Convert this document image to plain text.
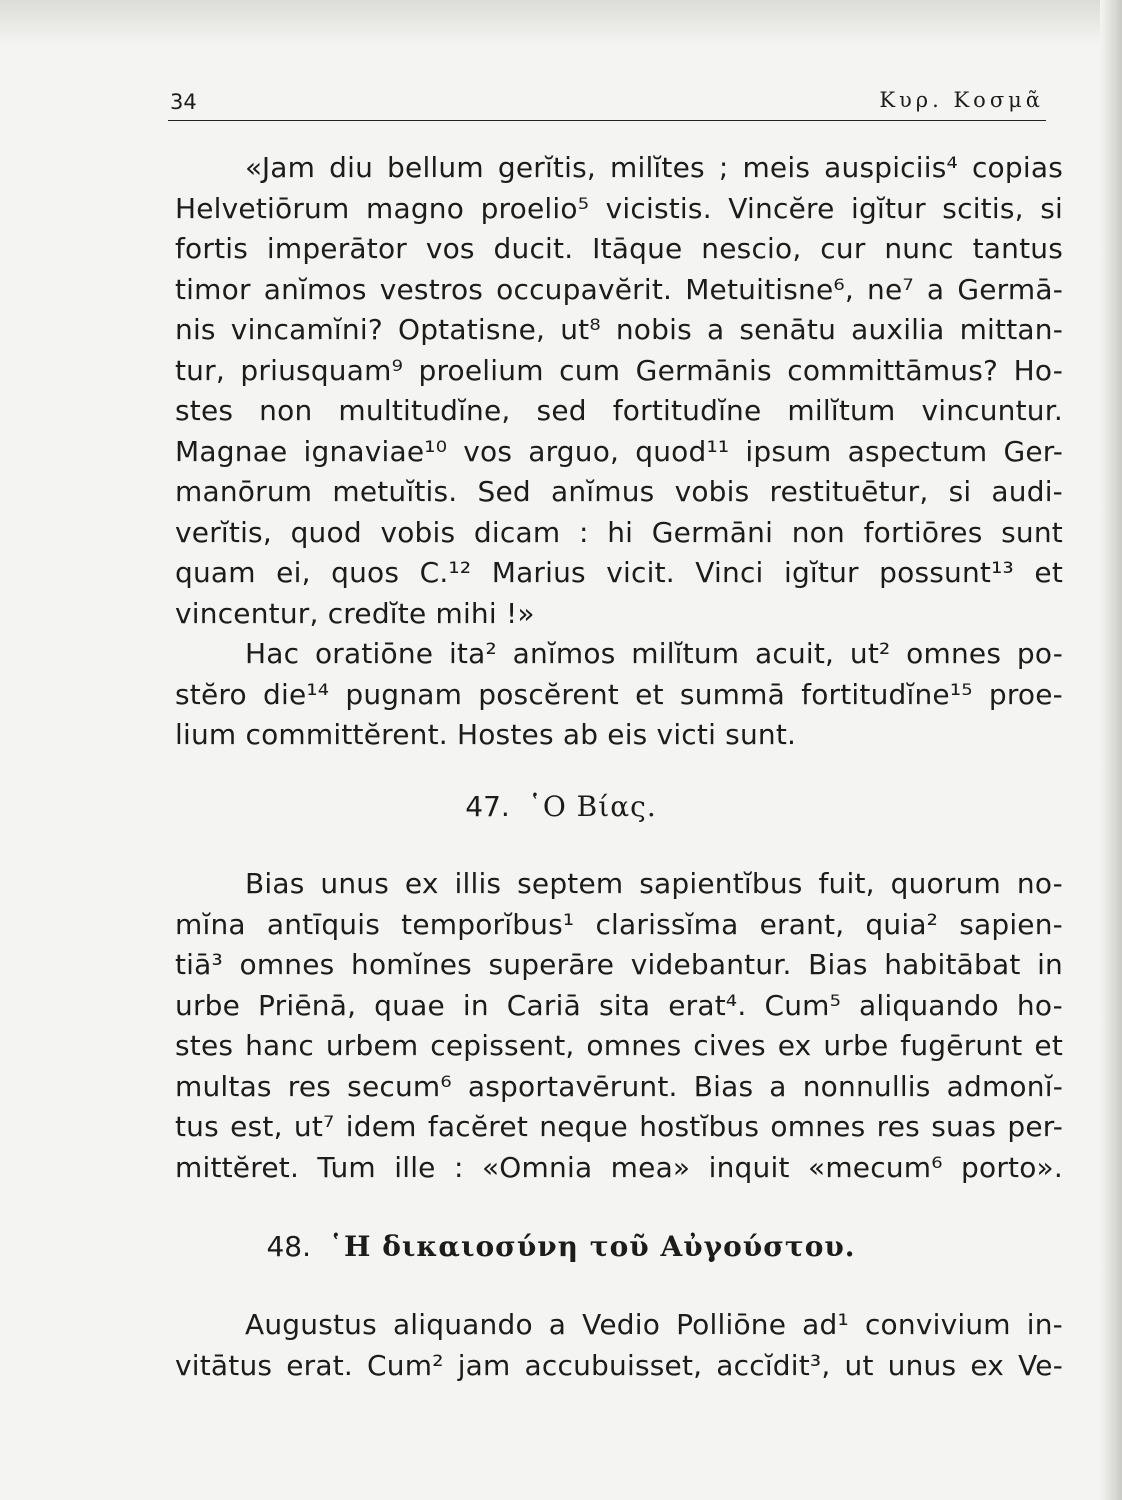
34	Κυρ. Κοσμᾶ
«Jam diu bellum gerĭtis, milĭtes ; meis auspiciis⁴ copias
Helvetiōrum magno proelio⁵ vicistis. Vincĕre igĭtur scitis, si
fortis imperātor vos ducit. Itāque nescio, cur nunc tantus
timor anĭmos vestros occupavĕrit. Metuitisne⁶, ne⁷ a Germā-
nis vincamĭni? Optatisne, ut⁸ nobis a senātu auxilia mittan-
tur, priusquam⁹ proelium cum Germānis committāmus? Ho-
stes non multitudĭne, sed fortitudĭne milĭtum vincuntur.
Magnae ignaviae¹⁰ vos arguo, quod¹¹ ipsum aspectum Ger-
manōrum metuĭtis. Sed anĭmus vobis restituētur, si audi-
verĭtis, quod vobis dicam : hi Germāni non fortiōres sunt
quam ei, quos C.¹² Marius vicit. Vinci igĭtur possunt¹³ et
vincentur, credĭte mihi !»
Hac oratiōne ita² anĭmos milĭtum acuit, ut² omnes po-
stĕro die¹⁴ pugnam poscĕrent et summā fortitudĭne¹⁵ proe-
lium committĕrent. Hostes ab eis victi sunt.
47. ῾Ο Βίας.
Bias unus ex illis septem sapientĭbus fuit, quorum no-
mĭna antīquis temporĭbus¹ clarissĭma erant, quia² sapien-
tiā³ omnes homĭnes superāre videbantur. Bias habitābat in
urbe Priēnā, quae in Cariā sita erat⁴. Cum⁵ aliquando ho-
stes hanc urbem cepissent, omnes cives ex urbe fugērunt et
multas res secum⁶ asportavērunt. Bias a nonnullis admonĭ-
tus est, ut⁷ idem facĕret neque hostĭbus omnes res suas per-
mittĕret. Tum ille : «Omnia mea» inquit «mecum⁶ porto».
48. ῾Η δικαιοσύνη τοῦ Αὐγούστου.
Augustus aliquando a Vedio Polliōne ad¹ convivium in-
vitātus erat. Cum² jam accubuisset, accĭdit³, ut unus ex Ve-
